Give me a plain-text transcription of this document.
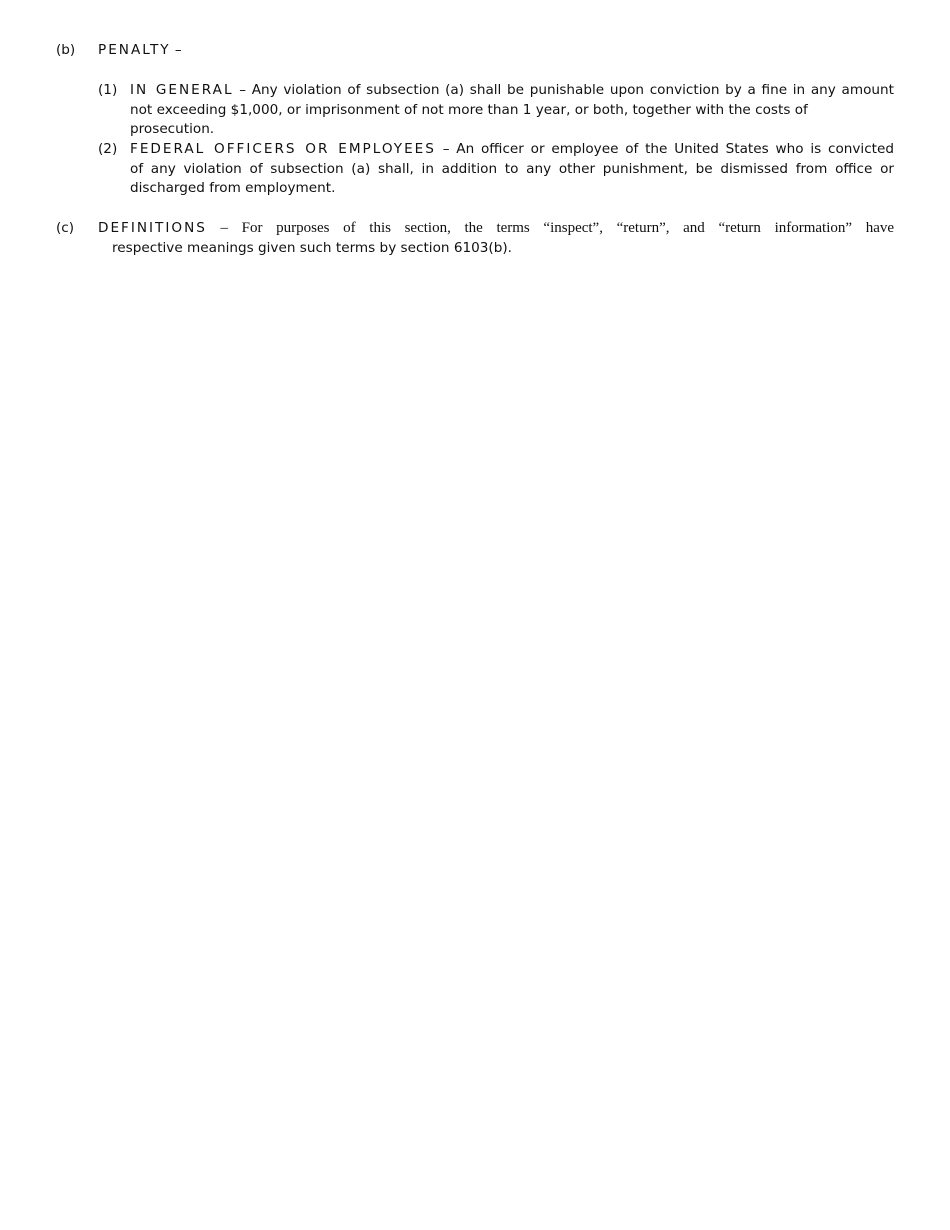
(b) PENALTY –
(1) IN GENERAL – Any violation of subsection (a) shall be punishable upon conviction by a fine in any amount
not exceeding $1,000, or imprisonment of not more than 1 year, or both, together with the costs of prosecution.
(2) FEDERAL OFFICERS OR EMPLOYEES – An officer or employee of the United States who is convicted
of any violation of subsection (a) shall, in addition to any other punishment, be dismissed from office or
discharged from employment.
(c) DEFINITIONS – For purposes of this section, the terms “inspect”, “return”, and “return information” have
respective meanings given such terms by section 6103(b).
